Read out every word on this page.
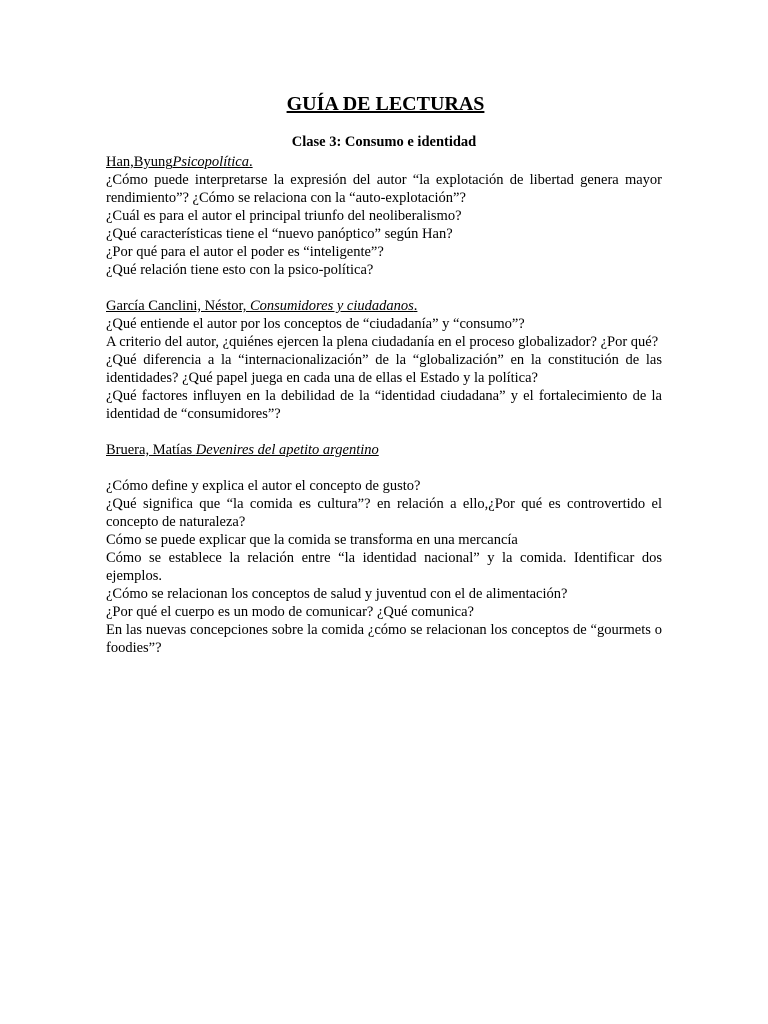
GUÍA DE LECTURAS
Clase 3: Consumo e identidad
Han,ByungPsicopolítica.

¿Cómo puede interpretarse la expresión del autor “la explotación de libertad genera mayor rendimiento”? ¿Cómo se relaciona con la “auto-explotación”?

¿Cuál es para el autor el principal triunfo del neoliberalismo?

¿Qué características tiene el “nuevo panóptico” según Han?

¿Por qué para el autor el poder es “inteligente”?

¿Qué relación tiene esto con la psico-política?

García Canclini, Néstor, Consumidores y ciudadanos.

¿Qué entiende el autor por los conceptos de “ciudadanía” y “consumo”?

A criterio del autor, ¿quiénes ejercen la plena ciudadanía en el proceso globalizador? ¿Por qué?

¿Qué diferencia a la “internacionalización” de la “globalización” en la constitución de las identidades? ¿Qué papel juega en cada una de ellas el Estado y la política?

¿Qué factores influyen en la debilidad de la “identidad ciudadana” y el fortalecimiento de la identidad de “consumidores”?

Bruera, Matías Devenires del apetito argentino

¿Cómo define y explica el autor el concepto de gusto?

¿Qué significa que “la comida es cultura”? en relación a ello,¿Por qué es controvertido el concepto de naturaleza?

Cómo se puede explicar que la comida se transforma en una mercancía

Cómo se establece la relación entre “la identidad nacional” y la comida. Identificar dos ejemplos.

¿Cómo se relacionan los conceptos de salud y juventud con el de alimentación?

¿Por qué el cuerpo es un modo de comunicar? ¿Qué comunica?

En las nuevas concepciones sobre la comida ¿cómo se relacionan los conceptos de “gourmets o foodies”?
